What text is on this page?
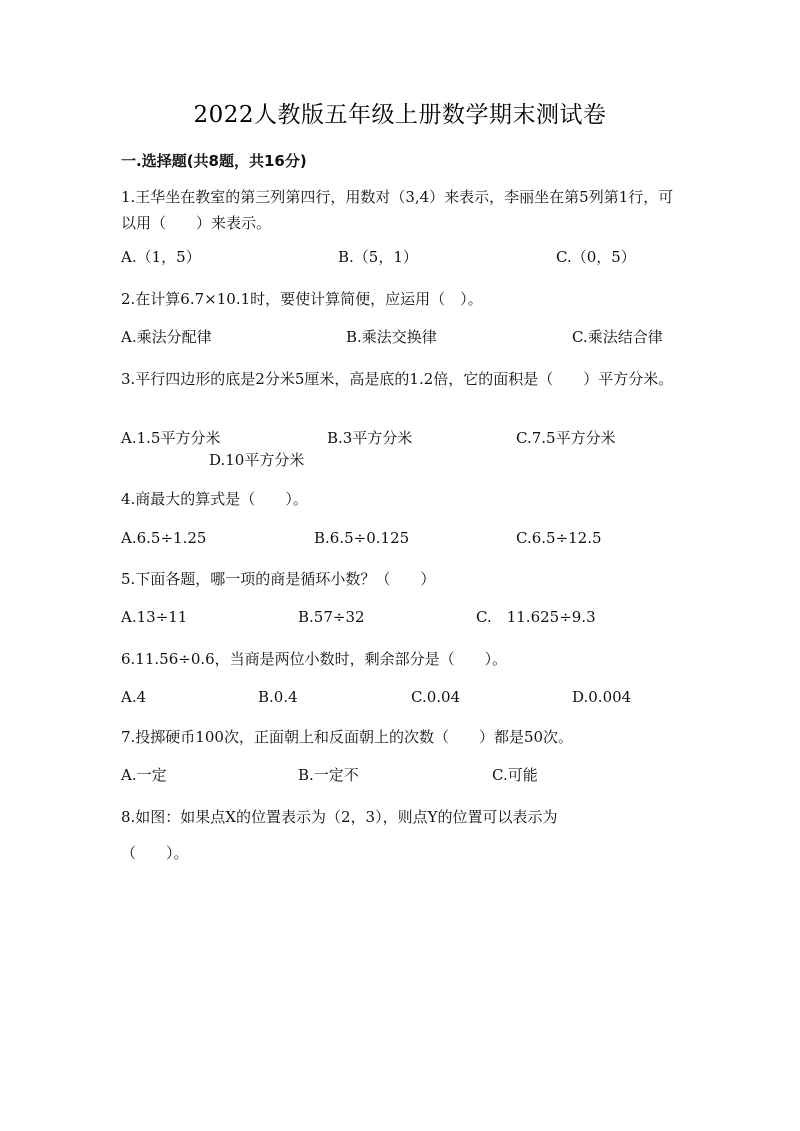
2022人教版五年级上册数学期末测试卷
一.选择题(共8题，共16分)
1.王华坐在教室的第三列第四行，用数对（3,4）来表示，李丽坐在第5列第1行，可以用（　　）来表示。
A.（1，5）	B.（5，1）	C.（0，5）
2.在计算6.7×10.1时，要使计算简便，应运用（　）。
A.乘法分配律	B.乘法交换律	C.乘法结合律
3.平行四边形的底是2分米5厘米，高是底的1.2倍，它的面积是（　　）平方分米。
A.1.5平方分米	B.3平方分米	C.7.5平方分米
D.10平方分米
4.商最大的算式是（　　）。
A.6.5÷1.25	B.6.5÷0.125	C.6.5÷12.5
5.下面各题，哪一项的商是循环小数？（　　）
A.13÷11	B.57÷32	C.　11.625÷9.3
6.11.56÷0.6，当商是两位小数时，剩余部分是（　　）。
A.4	B.0.4	C.0.04	D.0.004
7.投掷硬币100次，正面朝上和反面朝上的次数（　　）都是50次。
A.一定	B.一定不	C.可能
8.如图：如果点X的位置表示为（2，3），则点Y的位置可以表示为
（　　）。
